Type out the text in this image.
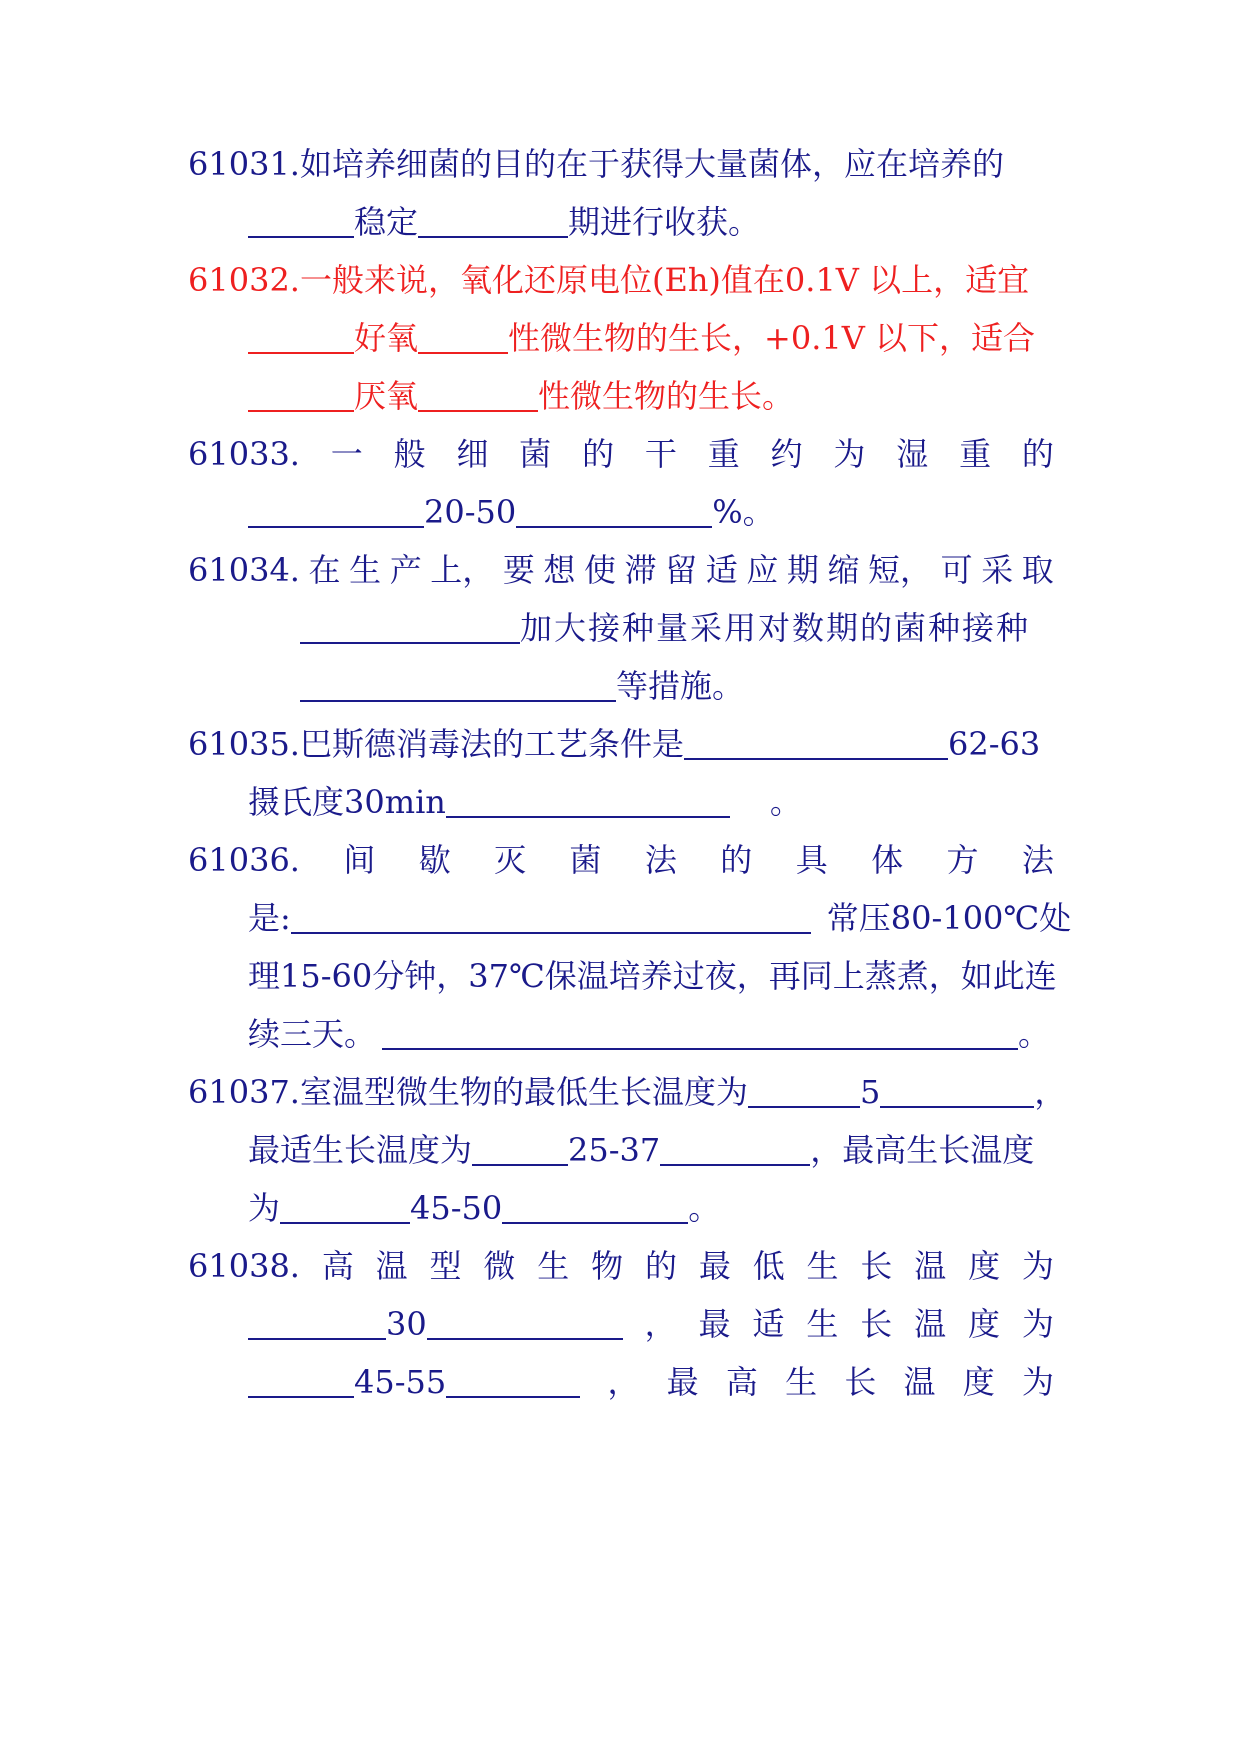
61031.如培养细菌的目的在于获得大量菌体，应在培养的
稳定	期进行收获。
61032.一般来说，氧化还原电位(Eh)值在0.1V 以上，适宜
好氧	性微生物的生长，+0.1V 以下，适合
厌氧	性微生物的生长。
61033. 一 般 细 菌 的 干 重 约 为 湿 重 的
20-50	%。
61034. 在 生 产 上， 要 想 使 滞 留 适 应 期 缩 短， 可 采 取
加大接种量采用对数期的菌种接种
等措施。
61035.巴斯德消毒法的工艺条件是	62-63
摄氏度30min	。
61036. 间 歇 灭 菌 法 的 具 体 方 法
是:	常压80-100℃处
理15-60分钟，37℃保温培养过夜，再同上蒸煮，如此连
续三天。	。
61037.室温型微生物的最低生长温度为	5	，
最适生长温度为	25-37	，最高生长温度
为	45-50	。
61038. 高 温 型 微 生 物 的 最 低 生 长 温 度 为
30	， 最 适 生 长 温 度 为
45-55	， 最 高 生 长 温 度 为
